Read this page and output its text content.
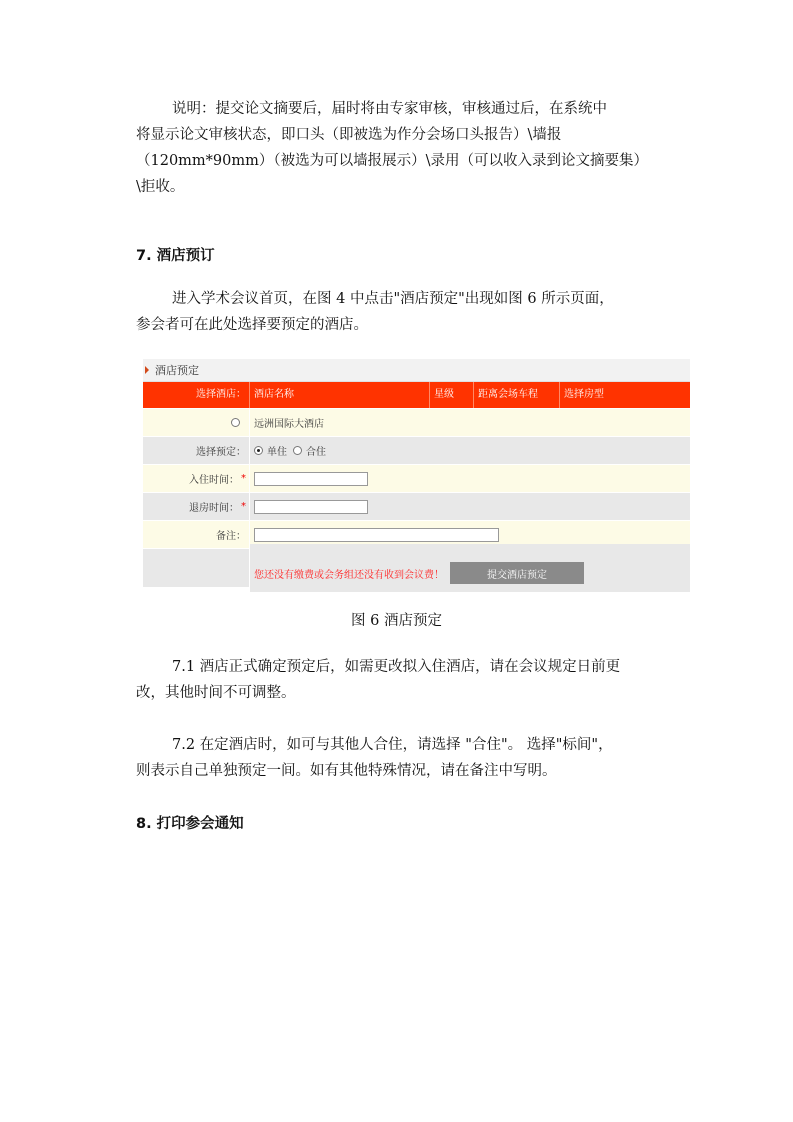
说明：提交论文摘要后，届时将由专家审核，审核通过后，在系统中
将显示论文审核状态，即口头（即被选为作分会场口头报告）\墙报
（120mm*90mm）（被选为可以墙报展示）\录用（可以收入录到论文摘要集）
\拒收。
7. 酒店预订
进入学术会议首页，在图 4 中点击"酒店预定"出现如图 6 所示页面，
参会者可在此处选择要预定的酒店。
酒店预定
选择酒店： 酒店名称	星级	距离会场车程	选择房型
远洲国际大酒店
选择预定：	单住 合住
入住时间： *
退房时间： *
备注：
您还没有缴费或会务组还没有收到会议费！	提交酒店预定
图 6 酒店预定
7.1 酒店正式确定预定后，如需更改拟入住酒店，请在会议规定日前更
改，其他时间不可调整。
7.2 在定酒店时，如可与其他人合住，请选择 "合住"。 选择"标间"，
则表示自己单独预定一间。如有其他特殊情况，请在备注中写明。
8. 打印参会通知
